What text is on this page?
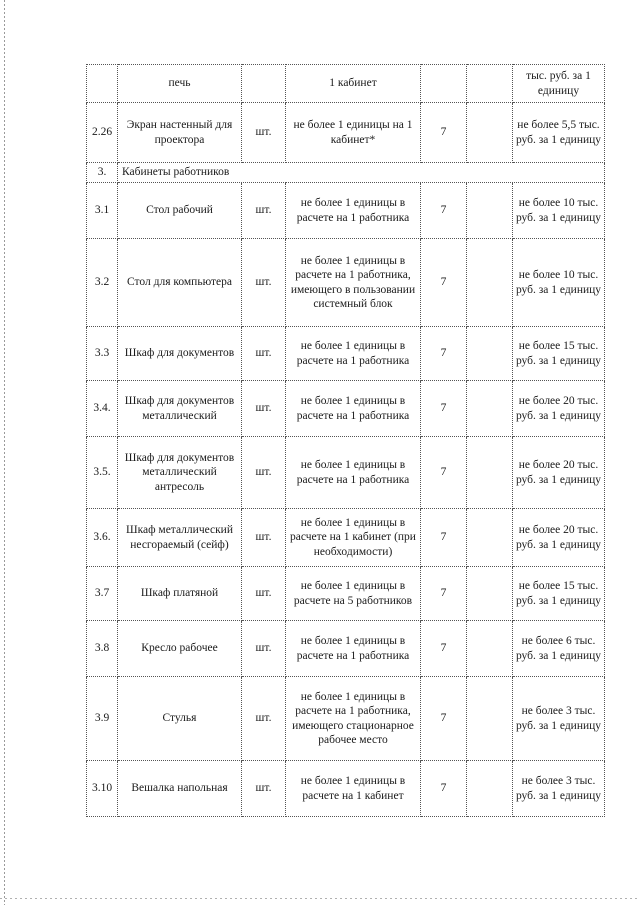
	печь		1 кабинет			тыс. руб. за 1 единицу
2.26	Экран настенный для проектора	шт.	не более 1 единицы на 1 кабинет*	7		не более 5,5 тыс. руб. за 1 единицу
3.	Кабинеты работников					
3.1	Стол рабочий	шт.	не более 1 единицы в расчете на 1 работника	7		не более 10 тыс. руб. за 1 единицу
3.2	Стол для компьютера	шт.	не более 1 единицы в расчете на 1 работника, имеющего в пользовании системный блок	7		не более 10 тыс. руб. за 1 единицу
3.3	Шкаф для документов	шт.	не более 1 единицы в расчете на 1 работника	7		не более 15 тыс. руб. за 1 единицу
3.4.	Шкаф для документов металлический	шт.	не более 1 единицы в расчете на 1 работника	7		не более 20 тыс. руб. за 1 единицу
3.5.	Шкаф для документов металлический антресоль	шт.	не более 1 единицы в расчете на 1 работника	7		не более 20 тыс. руб. за 1 единицу
3.6.	Шкаф металлический несгораемый (сейф)	шт.	не более 1 единицы в расчете на 1 кабинет (при необходимости)	7		не более 20 тыс. руб. за 1 единицу
3.7	Шкаф платяной	шт.	не более 1 единицы в расчете на 5 работников	7		не более 15 тыс. руб. за 1 единицу
3.8	Кресло рабочее	шт.	не более 1 единицы в расчете на 1 работника	7		не более 6 тыс. руб. за 1 единицу
3.9	Стулья	шт.	не более 1 единицы в расчете на 1 работника, имеющего стационарное рабочее место	7		не более 3 тыс. руб. за 1 единицу
3.10	Вешалка напольная	шт.	не более 1 единицы в расчете на 1 кабинет	7		не более 3 тыс. руб. за 1 единицу
